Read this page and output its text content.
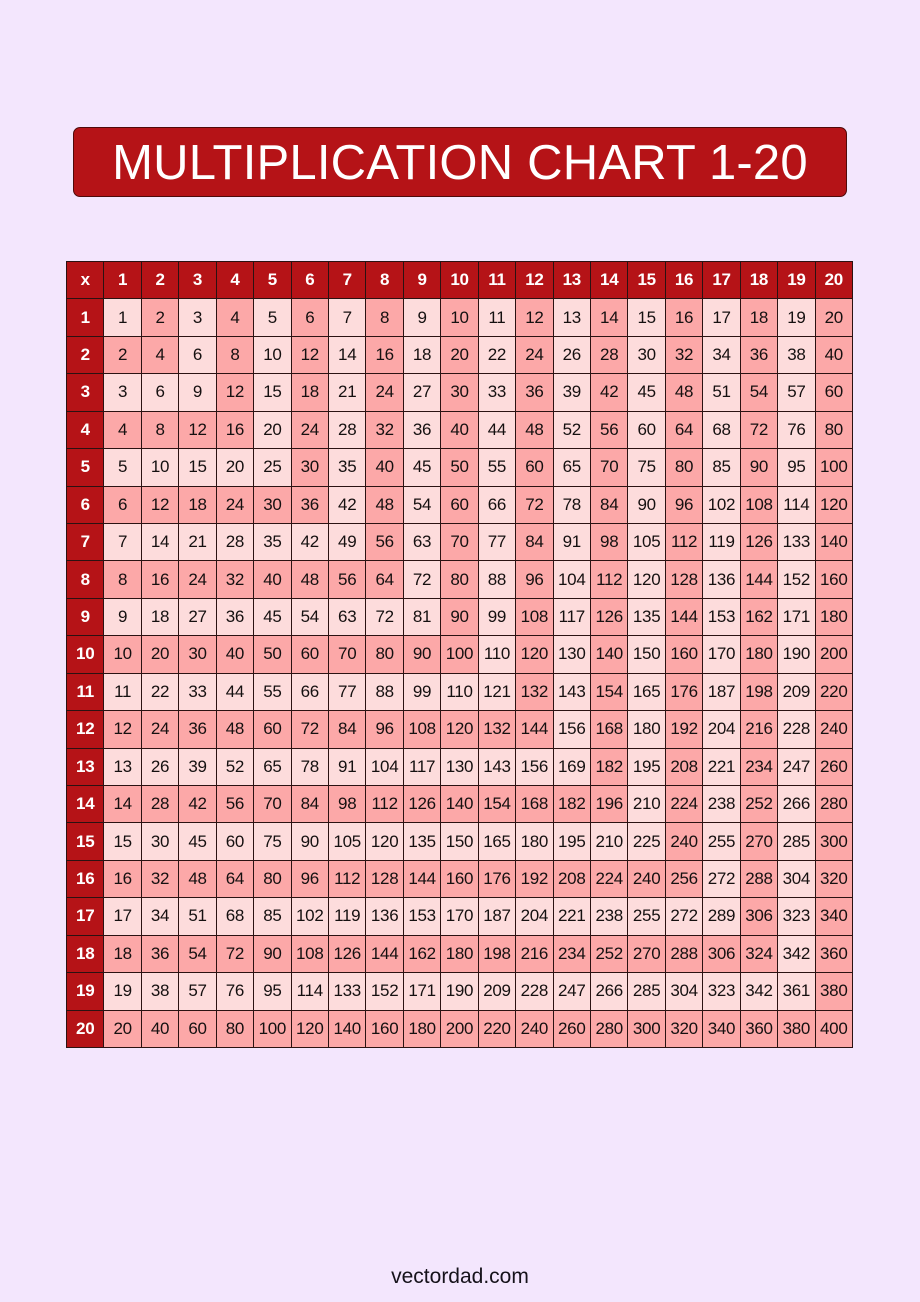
MULTIPLICATION CHART 1-20
x	1	2	3	4	5	6	7	8	9	10	11	12	13	14	15	16	17	18	19	20
1	1	2	3	4	5	6	7	8	9	10	11	12	13	14	15	16	17	18	19	20
2	2	4	6	8	10	12	14	16	18	20	22	24	26	28	30	32	34	36	38	40
3	3	6	9	12	15	18	21	24	27	30	33	36	39	42	45	48	51	54	57	60
4	4	8	12	16	20	24	28	32	36	40	44	48	52	56	60	64	68	72	76	80
5	5	10	15	20	25	30	35	40	45	50	55	60	65	70	75	80	85	90	95 100
6	6	12	18	24	30	36	42	48	54	60	66	72	78	84	90	96 102 108 114 120
7	7	14	21	28	35	42	49	56	63	70	77	84	91	98 105 112 119 126 133 140
8	8	16	24	32	40	48	56	64	72	80	88	96 104 112 120 128 136 144 152 160
9	9	18	27	36	45	54	63	72	81	90	99 108 117 126 135 144 153 162 171 180
10	10	20	30	40	50	60	70	80	90 100 110 120 130 140 150 160 170 180 190 200
11	11	22	33	44	55	66	77	88	99 110 121 132 143 154 165 176 187 198 209 220
12	12	24	36	48	60	72	84	96 108 120 132 144 156 168 180 192 204 216 228 240
13	13	26	39	52	65	78	91 104 117 130 143 156 169 182 195 208 221 234 247 260
14	14	28	42	56	70	84	98 112 126 140 154 168 182 196 210 224 238 252 266 280
15	15	30	45	60	75	90 105 120 135 150 165 180 195 210 225 240 255 270 285 300
16	16	32	48	64	80	96 112 128 144 160 176 192 208 224 240 256 272 288 304 320
17	17	34	51	68	85 102 119 136 153 170 187 204 221 238 255 272 289 306 323 340
18	18	36	54	72	90 108 126 144 162 180 198 216 234 252 270 288 306 324 342 360
19	19	38	57	76	95 114 133 152 171 190 209 228 247 266 285 304 323 342 361 380
20	20	40	60	80 100 120 140 160 180 200 220 240 260 280 300 320 340 360 380 400
vectordad.com
